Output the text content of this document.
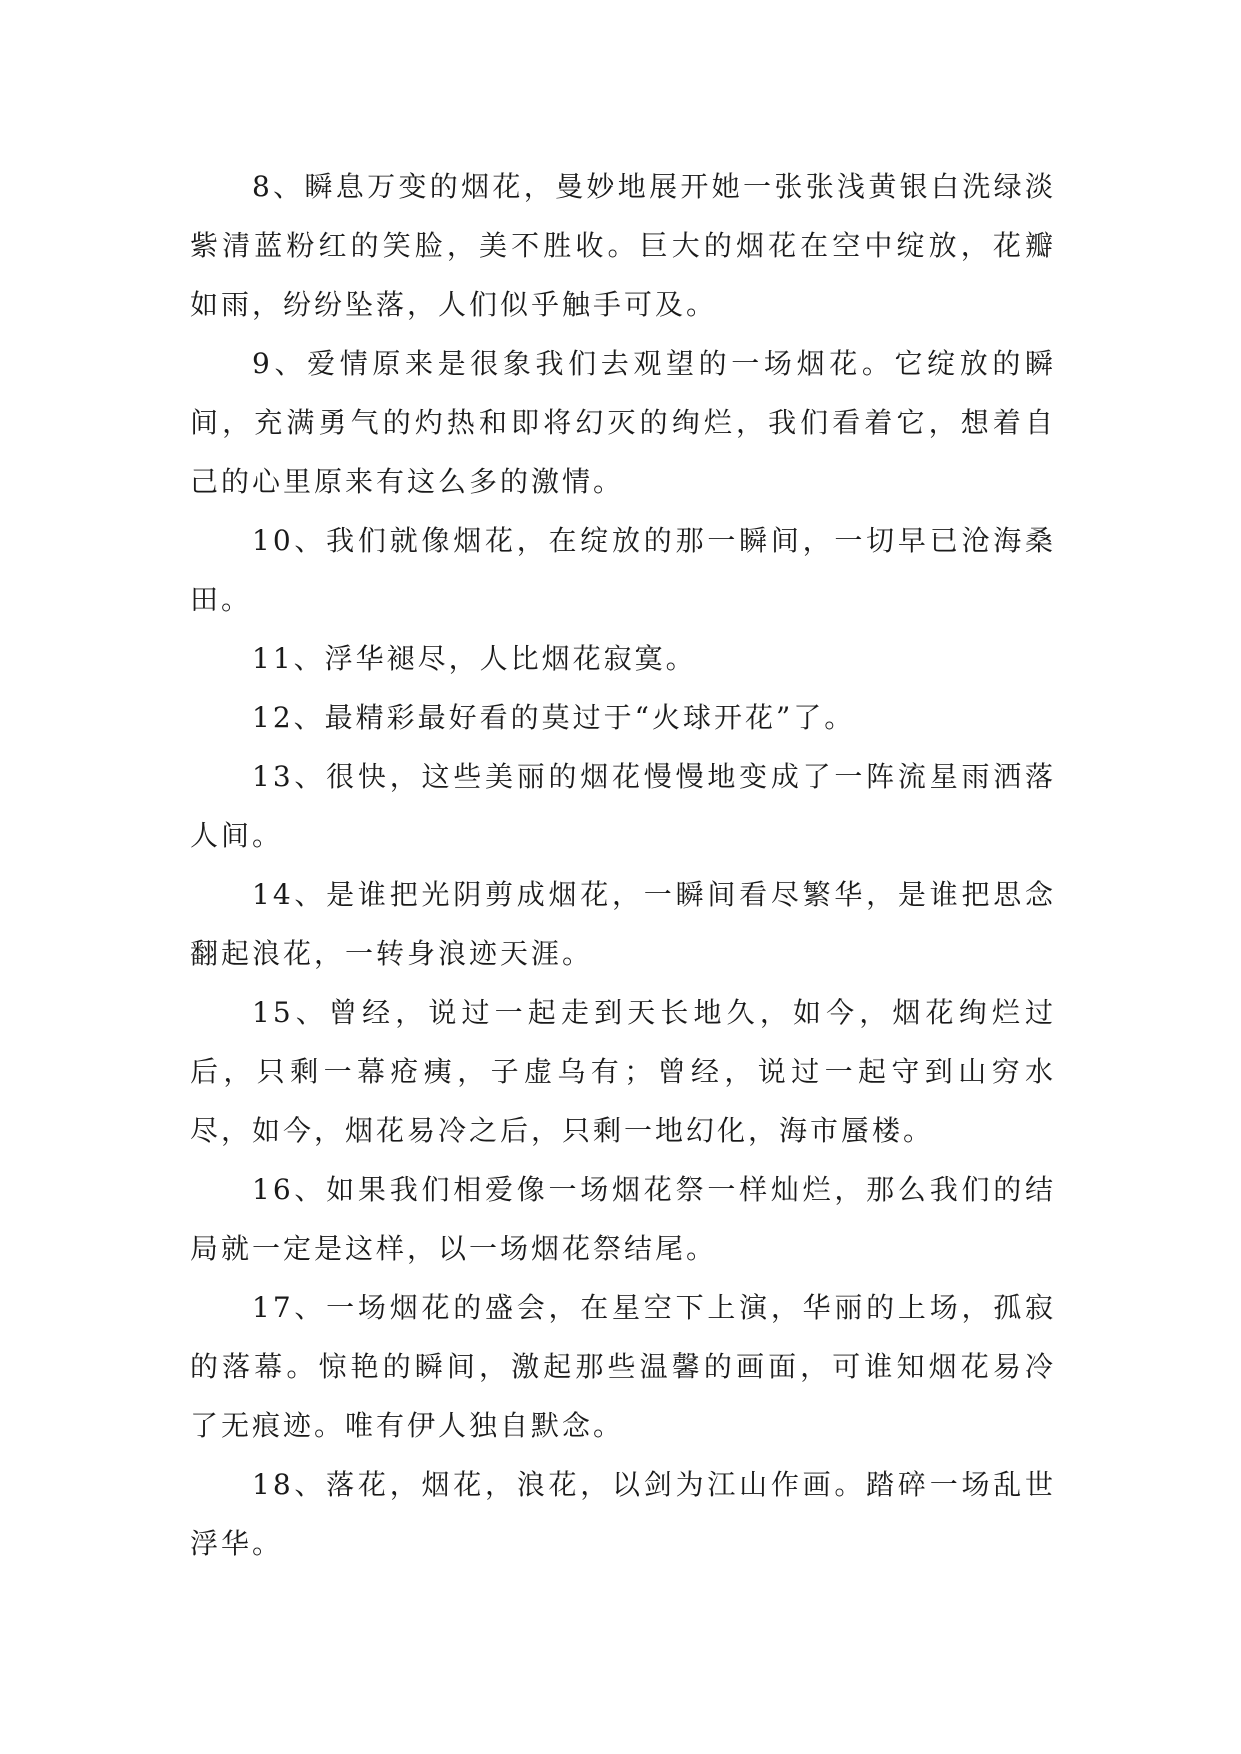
8、瞬息万变的烟花，曼妙地展开她一张张浅黄银白洗绿淡紫清蓝粉红的笑脸，美不胜收。巨大的烟花在空中绽放，花瓣如雨，纷纷坠落，人们似乎触手可及。

9、爱情原来是很象我们去观望的一场烟花。它绽放的瞬间，充满勇气的灼热和即将幻灭的绚烂，我们看着它，想着自己的心里原来有这么多的激情。

10、我们就像烟花，在绽放的那一瞬间，一切早已沧海桑田。

11、浮华褪尽，人比烟花寂寞。

12、最精彩最好看的莫过于“火球开花”了。

13、很快，这些美丽的烟花慢慢地变成了一阵流星雨洒落人间。

14、是谁把光阴剪成烟花，一瞬间看尽繁华，是谁把思念翻起浪花，一转身浪迹天涯。

15、曾经，说过一起走到天长地久，如今，烟花绚烂过后，只剩一幕疮痍，子虚乌有；曾经，说过一起守到山穷水尽，如今，烟花易冷之后，只剩一地幻化，海市蜃楼。

16、如果我们相爱像一场烟花祭一样灿烂，那么我们的结局就一定是这样，以一场烟花祭结尾。

17、一场烟花的盛会，在星空下上演，华丽的上场，孤寂的落幕。惊艳的瞬间，激起那些温馨的画面，可谁知烟花易冷了无痕迹。唯有伊人独自默念。

18、落花，烟花，浪花，以剑为江山作画。踏碎一场乱世浮华。
